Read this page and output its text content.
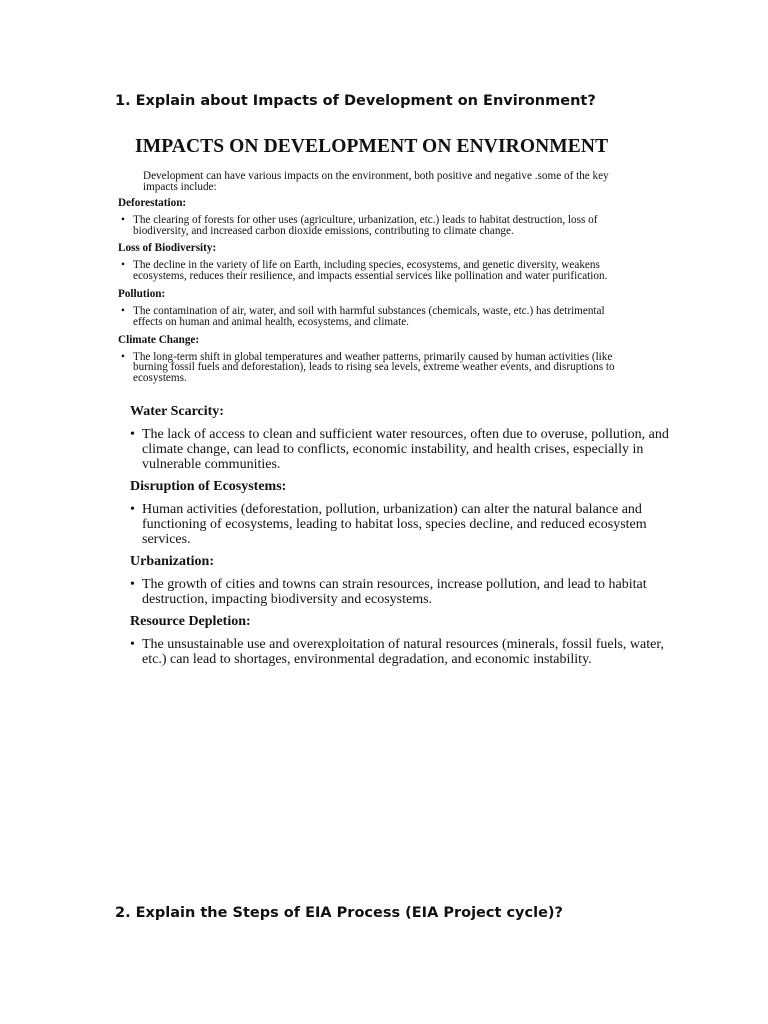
1. Explain about Impacts of Development on Environment?
IMPACTS ON DEVELOPMENT ON ENVIRONMENT

Development can have various impacts on the environment, both positive and negative .some of the key impacts include:

Deforestation:

• The clearing of forests for other uses (agriculture, urbanization, etc.) leads to habitat destruction, loss of biodiversity, and increased carbon dioxide emissions, contributing to climate change.

Loss of Biodiversity:

• The decline in the variety of life on Earth, including species, ecosystems, and genetic diversity, weakens ecosystems, reduces their resilience, and impacts essential services like pollination and water purification.

Pollution:

• The contamination of air, water, and soil with harmful substances (chemicals, waste, etc.) has detrimental effects on human and animal health, ecosystems, and climate.

Climate Change:

• The long-term shift in global temperatures and weather patterns, primarily caused by human activities (like burning fossil fuels and deforestation), leads to rising sea levels, extreme weather events, and disruptions to ecosystems.

Water Scarcity:

• The lack of access to clean and sufficient water resources, often due to overuse, pollution, and climate change, can lead to conflicts, economic instability, and health crises, especially in vulnerable communities.

Disruption of Ecosystems:

• Human activities (deforestation, pollution, urbanization) can alter the natural balance and functioning of ecosystems, leading to habitat loss, species decline, and reduced ecosystem services.

Urbanization:

• The growth of cities and towns can strain resources, increase pollution, and lead to habitat destruction, impacting biodiversity and ecosystems.

Resource Depletion:

• The unsustainable use and overexploitation of natural resources (minerals, fossil fuels, water, etc.) can lead to shortages, environmental degradation, and economic instability.
2. Explain the Steps of EIA Process (EIA Project cycle)?
